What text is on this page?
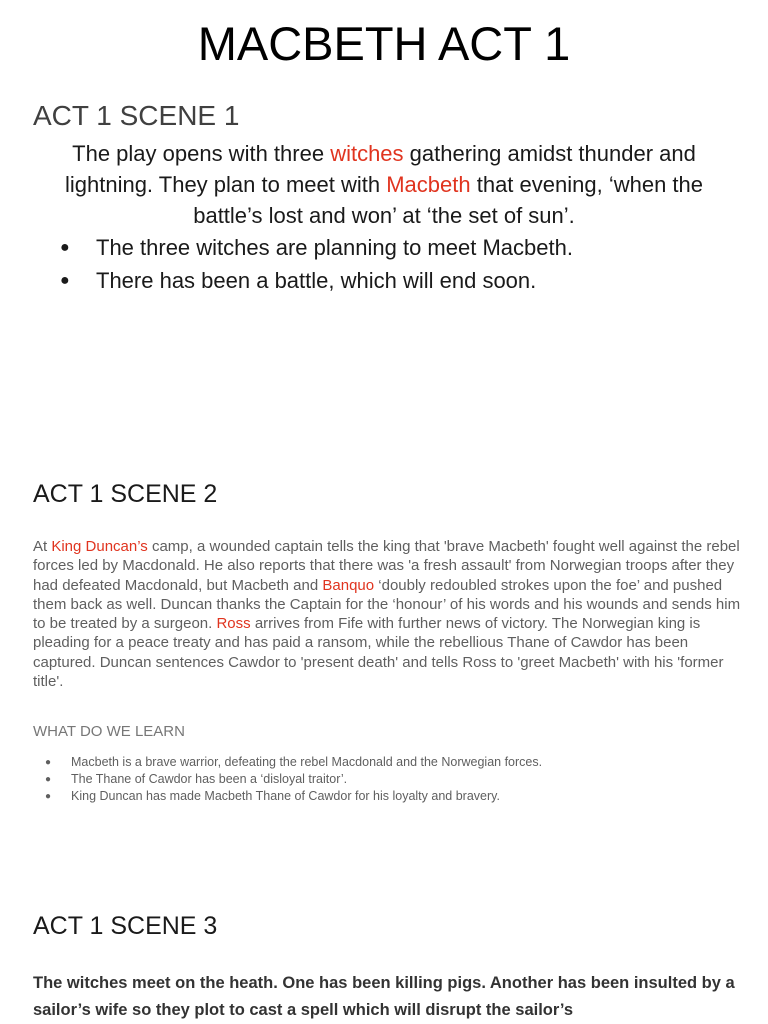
MACBETH ACT 1
ACT 1 SCENE 1
The play opens with three witches gathering amidst thunder and lightning. They plan to meet with Macbeth that evening, ‘when the battle’s lost and won’ at ‘the set of sun’.
● The three witches are planning to meet Macbeth.
● There has been a battle, which will end soon.
ACT 1 SCENE 2
At King Duncan’s camp, a wounded captain tells the king that 'brave Macbeth' fought well against the rebel forces led by Macdonald. He also reports that there was 'a fresh assault' from Norwegian troops after they had defeated Macdonald, but Macbeth and Banquo ‘doubly redoubled strokes upon the foe’ and pushed them back as well. Duncan thanks the Captain for the ‘honour’ of his words and his wounds and sends him to be treated by a surgeon. Ross arrives from Fife with further news of victory. The Norwegian king is pleading for a peace treaty and has paid a ransom, while the rebellious Thane of Cawdor has been captured. Duncan sentences Cawdor to 'present death' and tells Ross to 'greet Macbeth' with his 'former title'.
WHAT DO WE LEARN
● Macbeth is a brave warrior, defeating the rebel Macdonald and the Norwegian forces.
● The Thane of Cawdor has been a ‘disloyal traitor’.
● King Duncan has made Macbeth Thane of Cawdor for his loyalty and bravery.
ACT 1 SCENE 3
The witches meet on the heath. One has been killing pigs. Another has been insulted by a sailor’s wife so they plot to cast a spell which will disrupt the sailor’s
